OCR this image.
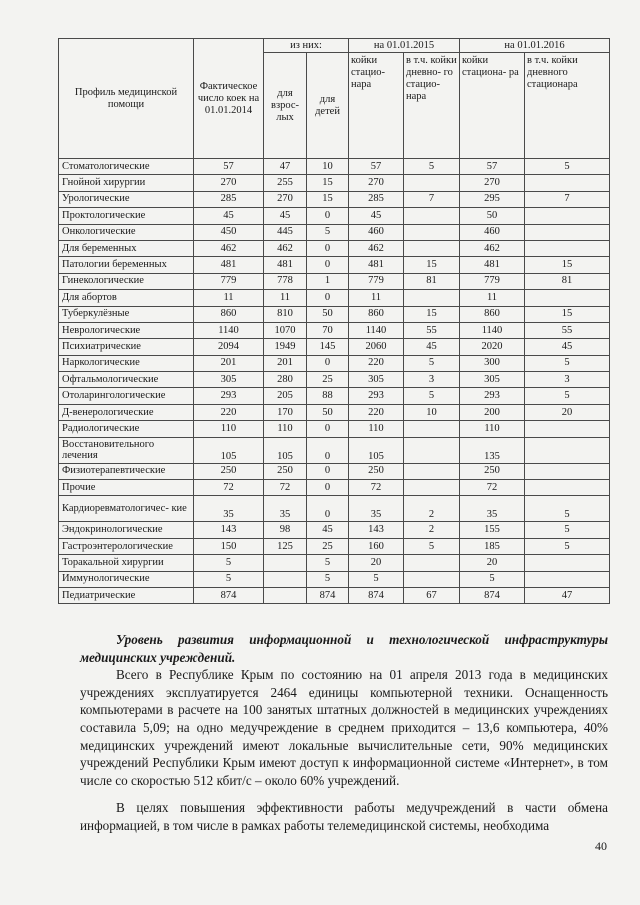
Профиль медицинской помощи	Фактическое число коек на 01.01.2014	из них:		на 01.01.2015		на 01.01.2016	
		для взрос- лых	для детей	койки стацио- нара	в т.ч. койки дневно- го стацио- нара	койки стациона- ра	в т.ч. койки дневного стационара

Стоматологические	57	47	10	57	5	57	5
Гнойной хирургии	270	255	15	270		270	
Урологические	285	270	15	285	7	295	7
Проктологические	45	45	0	45		50	
Онкологические	450	445	5	460		460	
Для беременных	462	462	0	462		462	
Патологии беременных	481	481	0	481	15	481	15
Гинекологические	779	778	1	779	81	779	81
Для абортов	11	11	0	11		11	
Туберкулёзные	860	810	50	860	15	860	15
Неврологические	1140	1070	70	1140	55	1140	55
Психиатрические	2094	1949	145	2060	45	2020	45
Наркологические	201	201	0	220	5	300	5
Офтальмологические	305	280	25	305	3	305	3
Отоларингологические	293	205	88	293	5	293	5
Д-венерологические	220	170	50	220	10	200	20
Радиологические	110	110	0	110		110	
Восстановительного лечения	105	105	0	105		135	
Физиотерапевтические	250	250	0	250		250	
Прочие	72	72	0	72		72	
Кардиоревматологичес- кие	35	35	0	35	2	35	5
Эндокринологические	143	98	45	143	2	155	5
Гастроэнтерологические	150	125	25	160	5	185	5
Торакальной хирургии	5		5	20		20	
Иммунологические	5		5	5		5	
Педиатрические	874		874	874	67	874	47

Уровень развития информационной и технологической инфраструктуры медицинских учреждений.

Всего в Республике Крым по состоянию на 01 апреля 2013 года в медицинских учреждениях эксплуатируется 2464 единицы компьютерной техники. Оснащенность компьютерами в расчете на 100 занятых штатных должностей в медицинских учреждениях составила 5,09; на одно медучреждение в среднем приходится – 13,6 компьютера, 40% медицинских учреждений имеют локальные вычислительные сети, 90% медицинских учреждений Республики Крым имеют доступ к информационной системе «Интернет», в том числе со скоростью 512 кбит/с – около 60% учреждений.

В целях повышения эффективности работы медучреждений в части обмена информацией, в том числе в рамках работы телемедицинской системы, необходима

40
